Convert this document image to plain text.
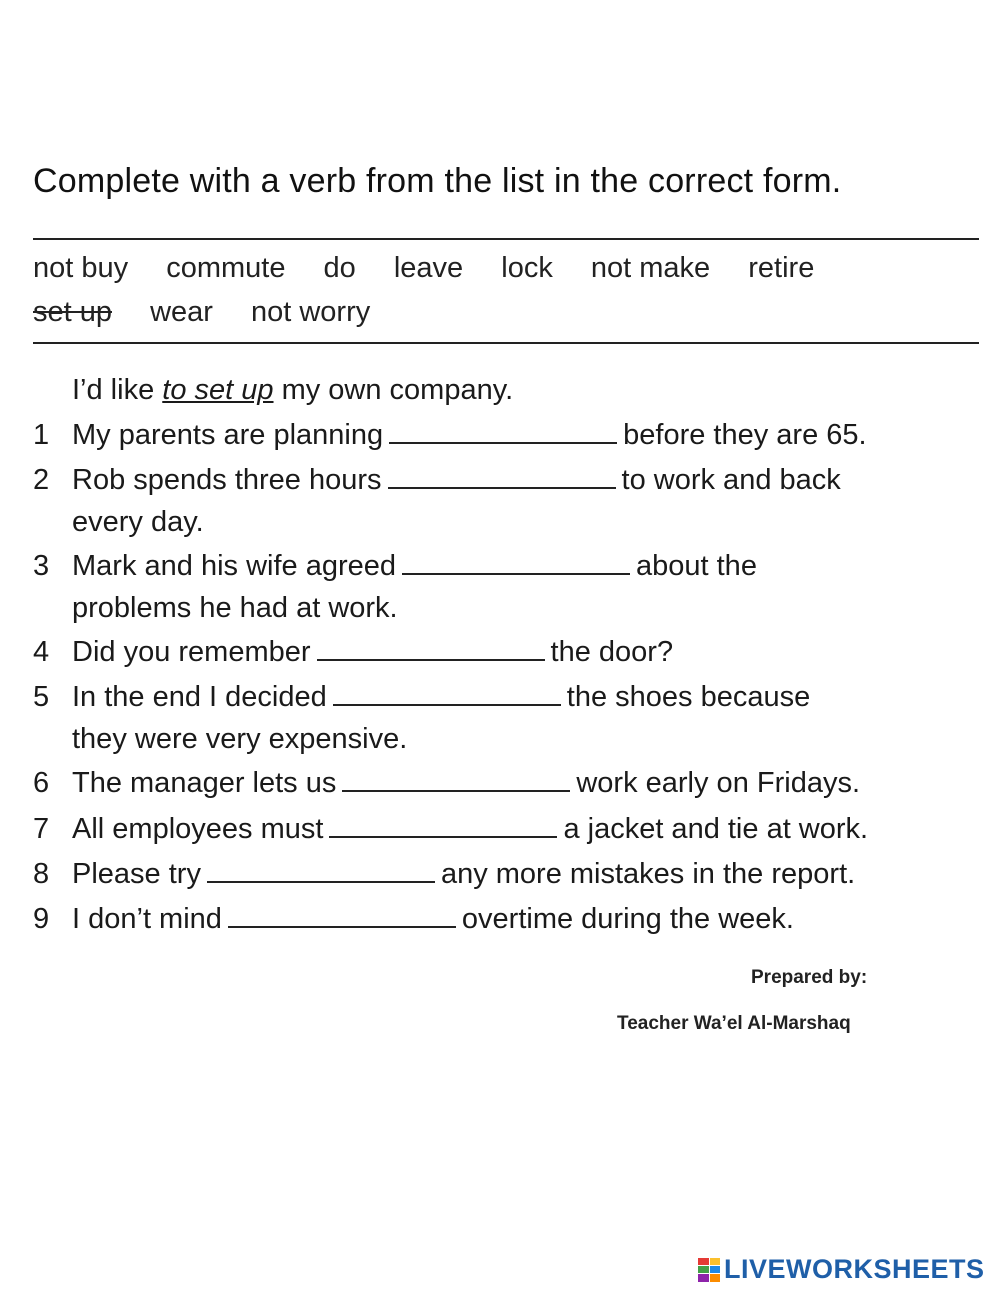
Complete with a verb from the list in the correct form.
not buy commute do leave lock not make retire
set up wear not worry
I’d like to set up my own company.
1 My parents are planning	before they are 65.
2 Rob spends three hours	to work and back
every day.
3 Mark and his wife agreed	about the
problems he had at work.
4 Did you remember	the door?
5 In the end I decided	the shoes because
they were very expensive.
6 The manager lets us	work early on Fridays.
7 All employees must	a jacket and tie at work.
8 Please try	any more mistakes in the report.
9 I don’t mind	overtime during the week.
Prepared by:
Teacher Wa’el Al-Marshaq
LIVEWORKSHEETS
